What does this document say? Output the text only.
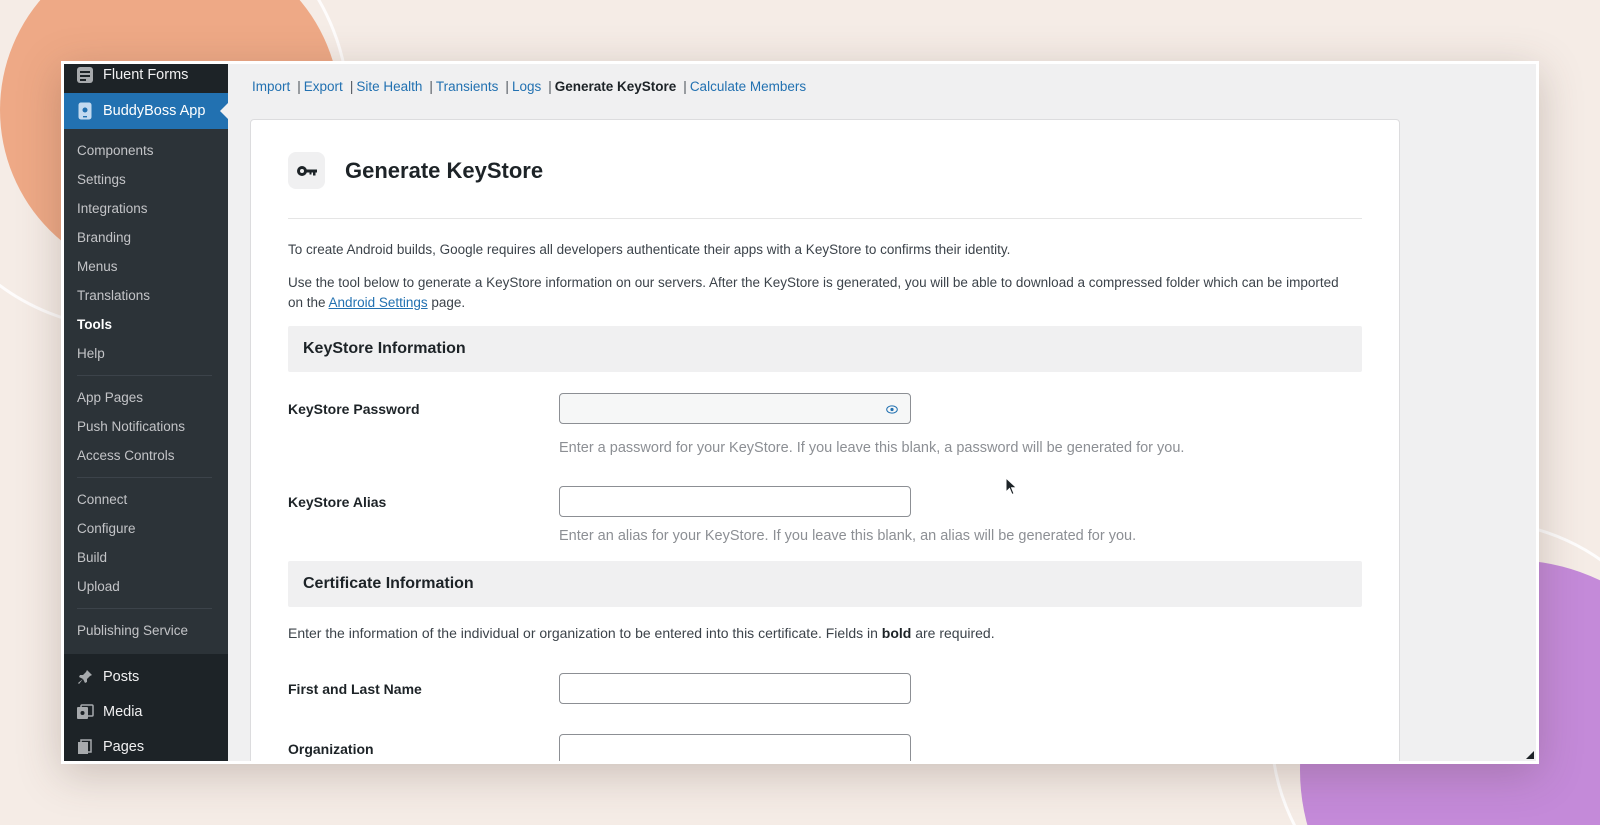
Fluent Forms
BuddyBoss App
Components
Settings
Integrations
Branding
Menus
Translations
Tools
Help
App Pages
Push Notifications
Access Controls
Connect
Configure
Build
Upload
Publishing Service
Posts
Media
Pages
Import | Export | Site Health | Transients | Logs | Generate KeyStore | Calculate Members
Generate KeyStore

To create Android builds, Google requires all developers authenticate their apps with a KeyStore to confirms their identity.

Use the tool below to generate a KeyStore information on our servers. After the KeyStore is generated, you will be able to download a compressed folder which can be imported on the Android Settings page.

KeyStore Information
KeyStore Password

Enter a password for your KeyStore. If you leave this blank, a password will be generated for you.

KeyStore Alias

Enter an alias for your KeyStore. If you leave this blank, an alias will be generated for you.

Certificate Information

Enter the information of the individual or organization to be entered into this certificate. Fields in bold are required.

First and Last Name
Organization
